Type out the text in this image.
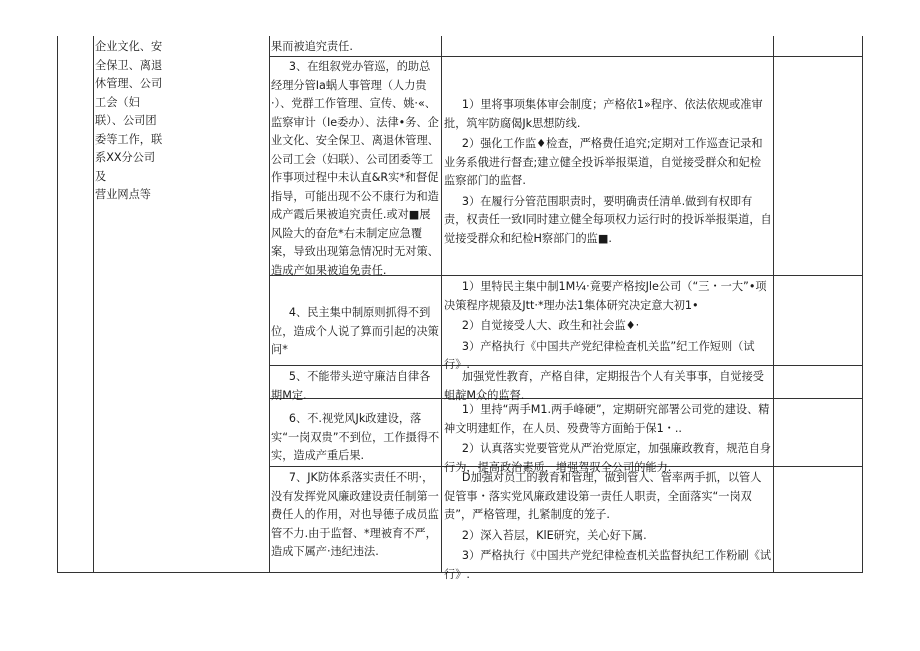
企业文化、安
全保卫、离退
休管理、公司
工会（妇
联）、公司团
委等工作，联
系XX分公司
及
营业网点等

果而被追究责任.

3、在组叙党办管巡，的助总经理分管Ia蜗人事管理（人力贵·）、党群工作管理、宣传、姚·«、监察审计（Ie委办）、法律•务、企业文化、安全保卫、离退休管理、公司工会（妇联）、公司团委等工作事项过程中未认直&R实*和督促指导，可能出现不公不康行为和造成产霞后果被追究责任.或对■展风险大的奋危*右未制定应急覆案，导致出现第急情况时无对策、造成产如果被追免责任.

1）里将事项集体审会制度；产格依1»程序、依法依规或准审批，筑牢防腐偈Jk思想防线.

2）强化工作监♦检查，严格费任追究;定期对工作巡查记录和业务系俄进行督查;建立健全投诉举报渠道，自觉接受群众和妃检监察部门的监督.

3）在履行分管范围职责时，要明确责任清单.做到有权即有责，权责任一致I同时建立健全每项权力运行时的投诉举报渠道，自觉接受群众和纪检H察部门的监■.

4、民主集中制原则抓得不到位，造成个人说了算而引起的决策问*

1）里特民主集中制1M¼·竟要产格按Jle公司（“三・一大”•项决策程序规猿及Jtt·*理办法1集体研究决定意大初1•

2）自觉接受人大、政生和社会监♦·

3）产格执行《中国共产党纪律检査机关监”纪工作短则（试行》.

5、不能带头逆守廉洁自律各期M定.

加强党性教育，产格自律，定期报告个人有关事事，自觉接受蛆靛M众的监督.

6、不.视党风Jk政建设，落实“一岗双贵”不到位，工作摄得不实，造成产重后果.

1）里持“两手M1.两手峰硬”，定期研究部署公司党的建设、精神文明建虹作，在人员、殁费等方面鲐于保1・..

2）认真落实党要管党从严治党原定，加强廉政教育，规范自身行为，提高政治素质，增强驾驭全公司的能力.

7、JK防体系落实责任不明·，没有发挥党风廉政建设责任制第一费任人的作用，对也导德子成员监管不力.由于监督、*理被育不严，造成下属产·违纪违法.

D加强对员工的教育和管理，做到管人、管率两手抓，以管人促管事・落实党风廉政建设第一责任人职责，全面落实“一岗双责”，严格管理，扎紧制度的笼子.

2）深入苔层，KlE研究，关心好下属.

3）严格执行《中国共产党纪律检查机关监督执纪工作粉刷《试行》.
